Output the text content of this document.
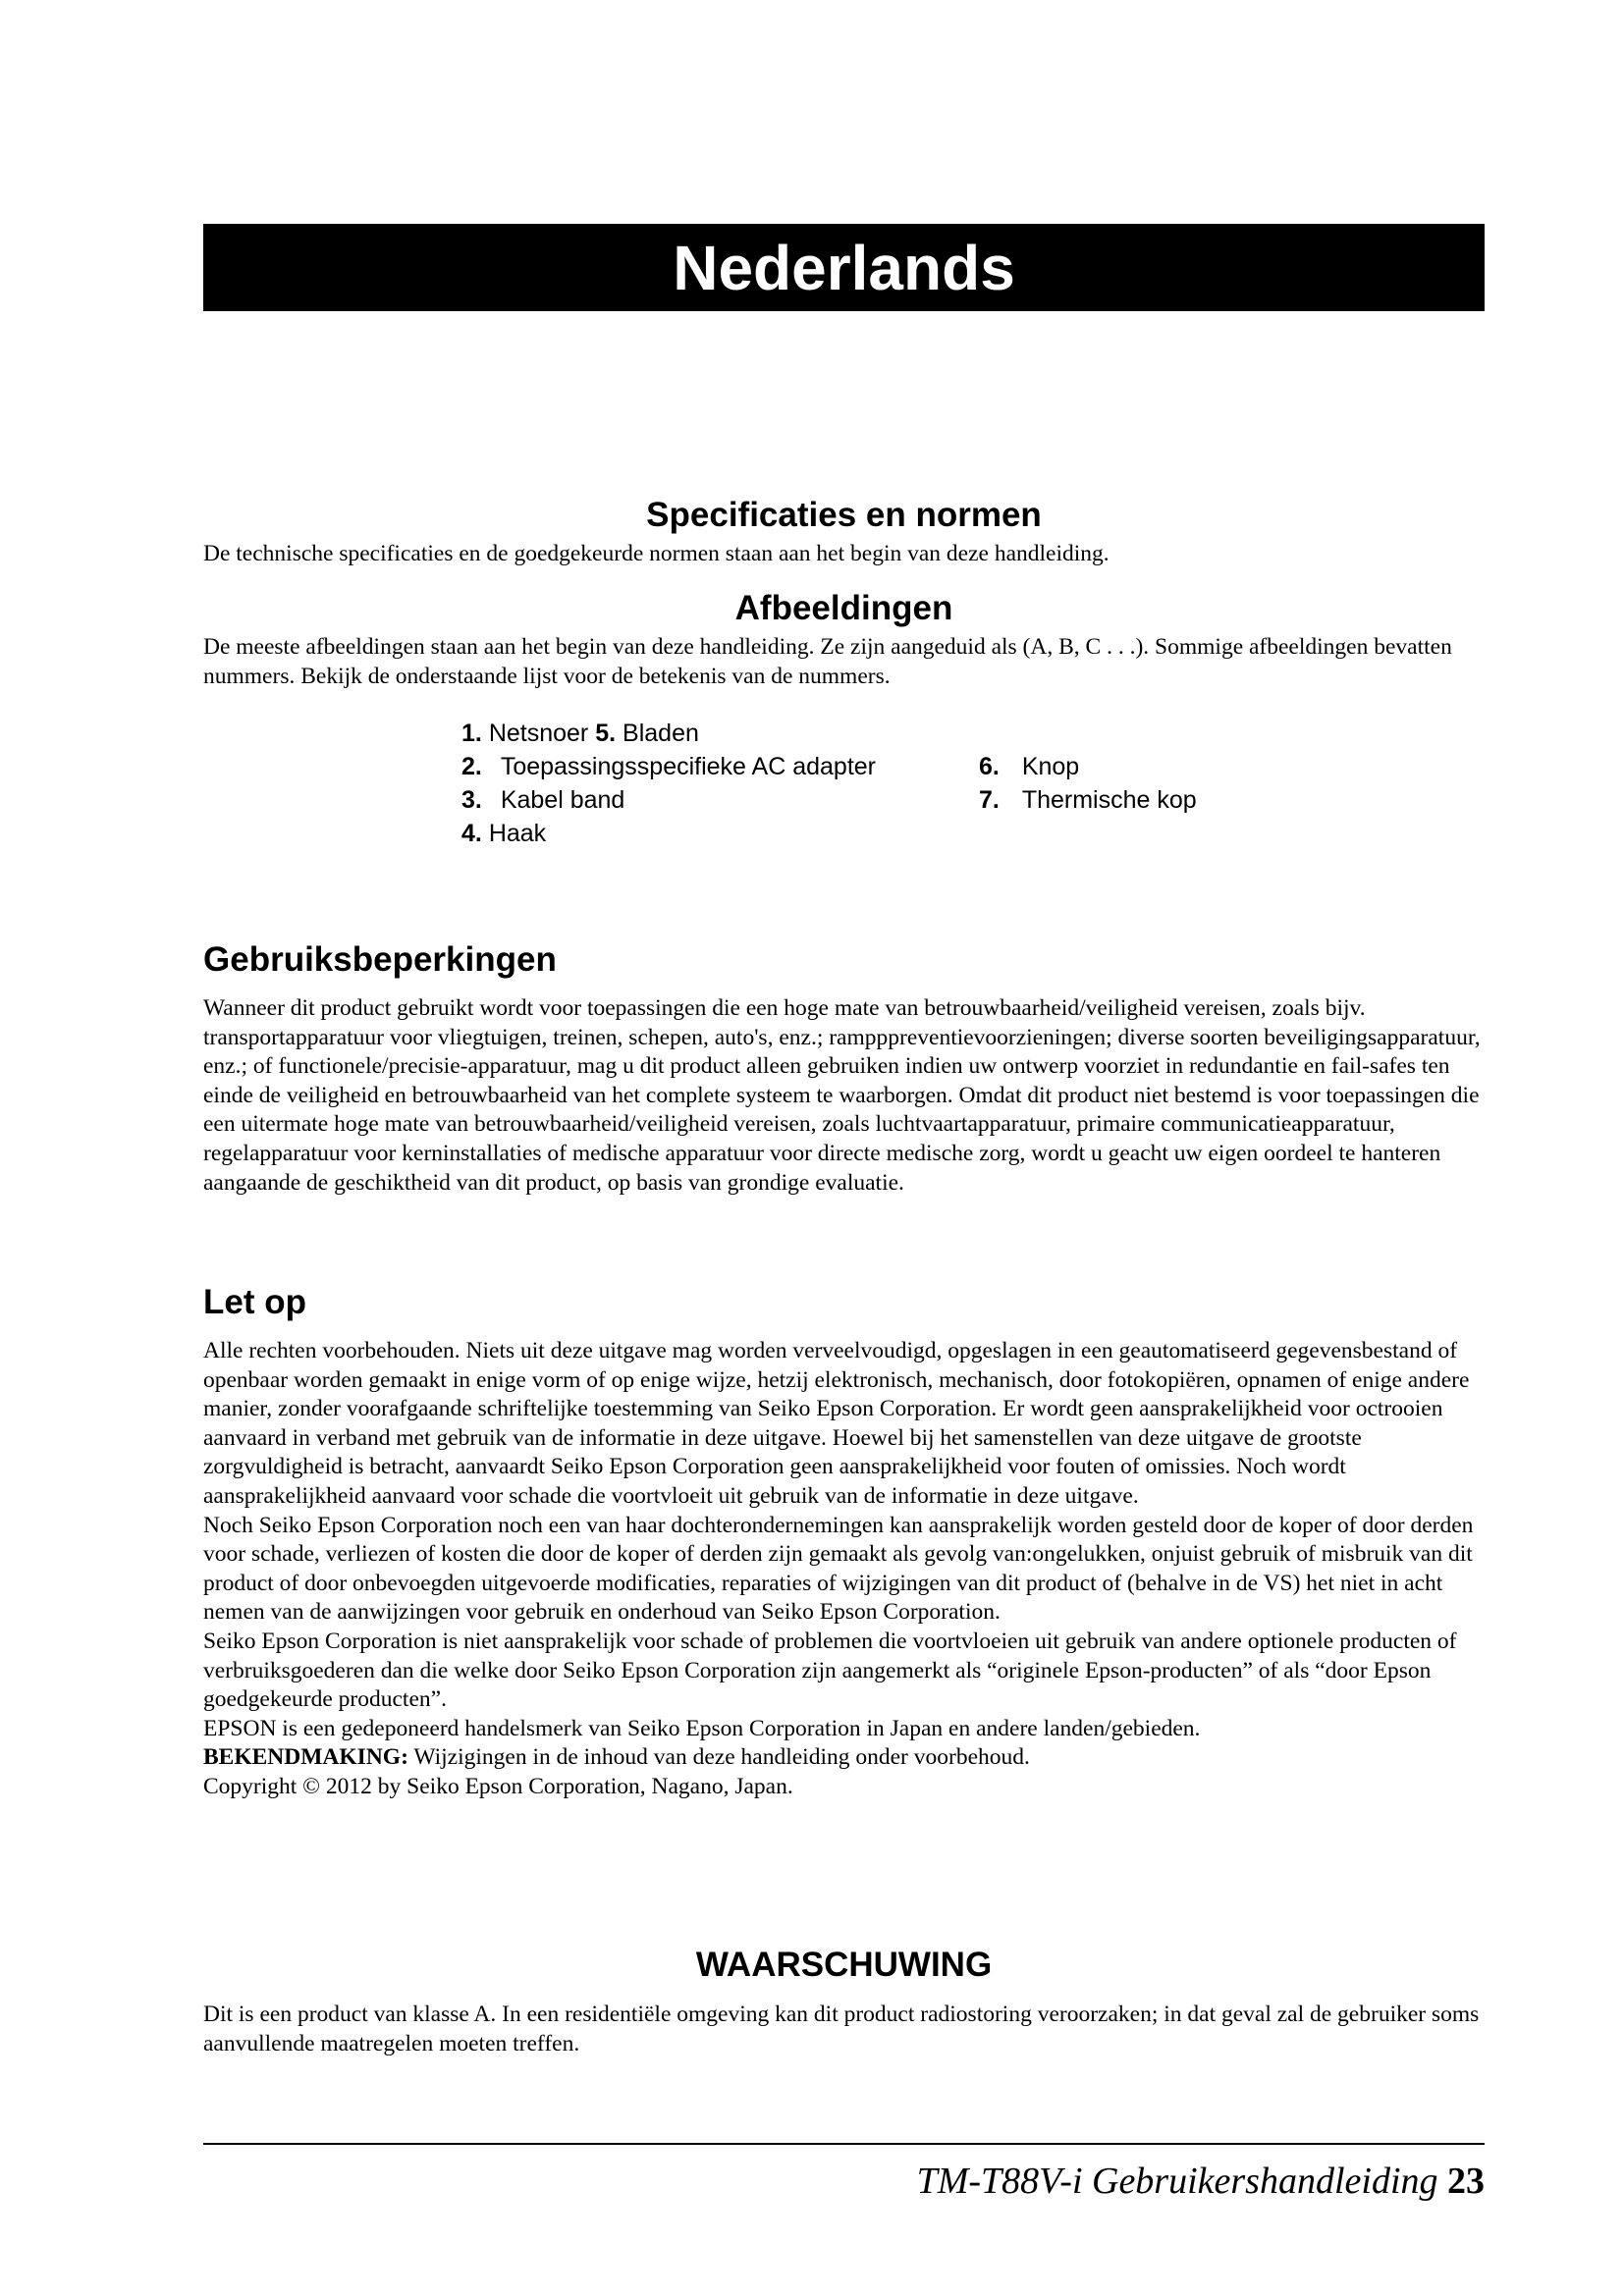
Nederlands
Specificaties en normen

De technische specificaties en de goedgekeurde normen staan aan het begin van deze handleiding.

Afbeeldingen

De meeste afbeeldingen staan aan het begin van deze handleiding. Ze zijn aangeduid als (A, B, C . . .). Sommige afbeeldingen bevatten nummers. Bekijk de onderstaande lijst voor de betekenis van de nummers.

1. Netsnoer 5. Bladen
2. Toepassingsspecifieke AC adapter	6. Knop
3. Kabel band	7. Thermische kop
4. Haak
Gebruiksbeperkingen

Wanneer dit product gebruikt wordt voor toepassingen die een hoge mate van betrouwbaarheid/veiligheid vereisen, zoals bijv. transportapparatuur voor vliegtuigen, treinen, schepen, auto's, enz.; rampppreventievoorzieningen; diverse soorten beveiligingsapparatuur, enz.; of functionele/precisie-apparatuur, mag u dit product alleen gebruiken indien uw ontwerp voorziet in redundantie en fail-safes ten einde de veiligheid en betrouwbaarheid van het complete systeem te waarborgen. Omdat dit product niet bestemd is voor toepassingen die een uitermate hoge mate van betrouwbaarheid/veiligheid vereisen, zoals luchtvaartapparatuur, primaire communicatieapparatuur, regelapparatuur voor kerninstallaties of medische apparatuur voor directe medische zorg, wordt u geacht uw eigen oordeel te hanteren aangaande de geschiktheid van dit product, op basis van grondige evaluatie.

Let op

Alle rechten voorbehouden. Niets uit deze uitgave mag worden verveelvoudigd, opgeslagen in een geautomatiseerd gegevensbestand of openbaar worden gemaakt in enige vorm of op enige wijze, hetzij elektronisch, mechanisch, door fotokopiëren, opnamen of enige andere manier, zonder voorafgaande schriftelijke toestemming van Seiko Epson Corporation. Er wordt geen aansprakelijkheid voor octrooien aanvaard in verband met gebruik van de informatie in deze uitgave. Hoewel bij het samenstellen van deze uitgave de grootste zorgvuldigheid is betracht, aanvaardt Seiko Epson Corporation geen aansprakelijkheid voor fouten of omissies. Noch wordt aansprakelijkheid aanvaard voor schade die voortvloeit uit gebruik van de informatie in deze uitgave.

Noch Seiko Epson Corporation noch een van haar dochterondernemingen kan aansprakelijk worden gesteld door de koper of door derden voor schade, verliezen of kosten die door de koper of derden zijn gemaakt als gevolg van:ongelukken, onjuist gebruik of misbruik van dit product of door onbevoegden uitgevoerde modificaties, reparaties of wijzigingen van dit product of (behalve in de VS) het niet in acht nemen van de aanwijzingen voor gebruik en onderhoud van Seiko Epson Corporation.

Seiko Epson Corporation is niet aansprakelijk voor schade of problemen die voortvloeien uit gebruik van andere optionele producten of verbruiksgoederen dan die welke door Seiko Epson Corporation zijn aangemerkt als “originele Epson-producten” of als “door Epson goedgekeurde producten”.

EPSON is een gedeponeerd handelsmerk van Seiko Epson Corporation in Japan en andere landen/gebieden.

BEKENDMAKING: Wijzigingen in de inhoud van deze handleiding onder voorbehoud.

Copyright © 2012 by Seiko Epson Corporation, Nagano, Japan.

WAARSCHUWING

Dit is een product van klasse A. In een residentiële omgeving kan dit product radiostoring veroorzaken; in dat geval zal de gebruiker soms aanvullende maatregelen moeten treffen.

TM-T88V-i Gebruikershandleiding 23
